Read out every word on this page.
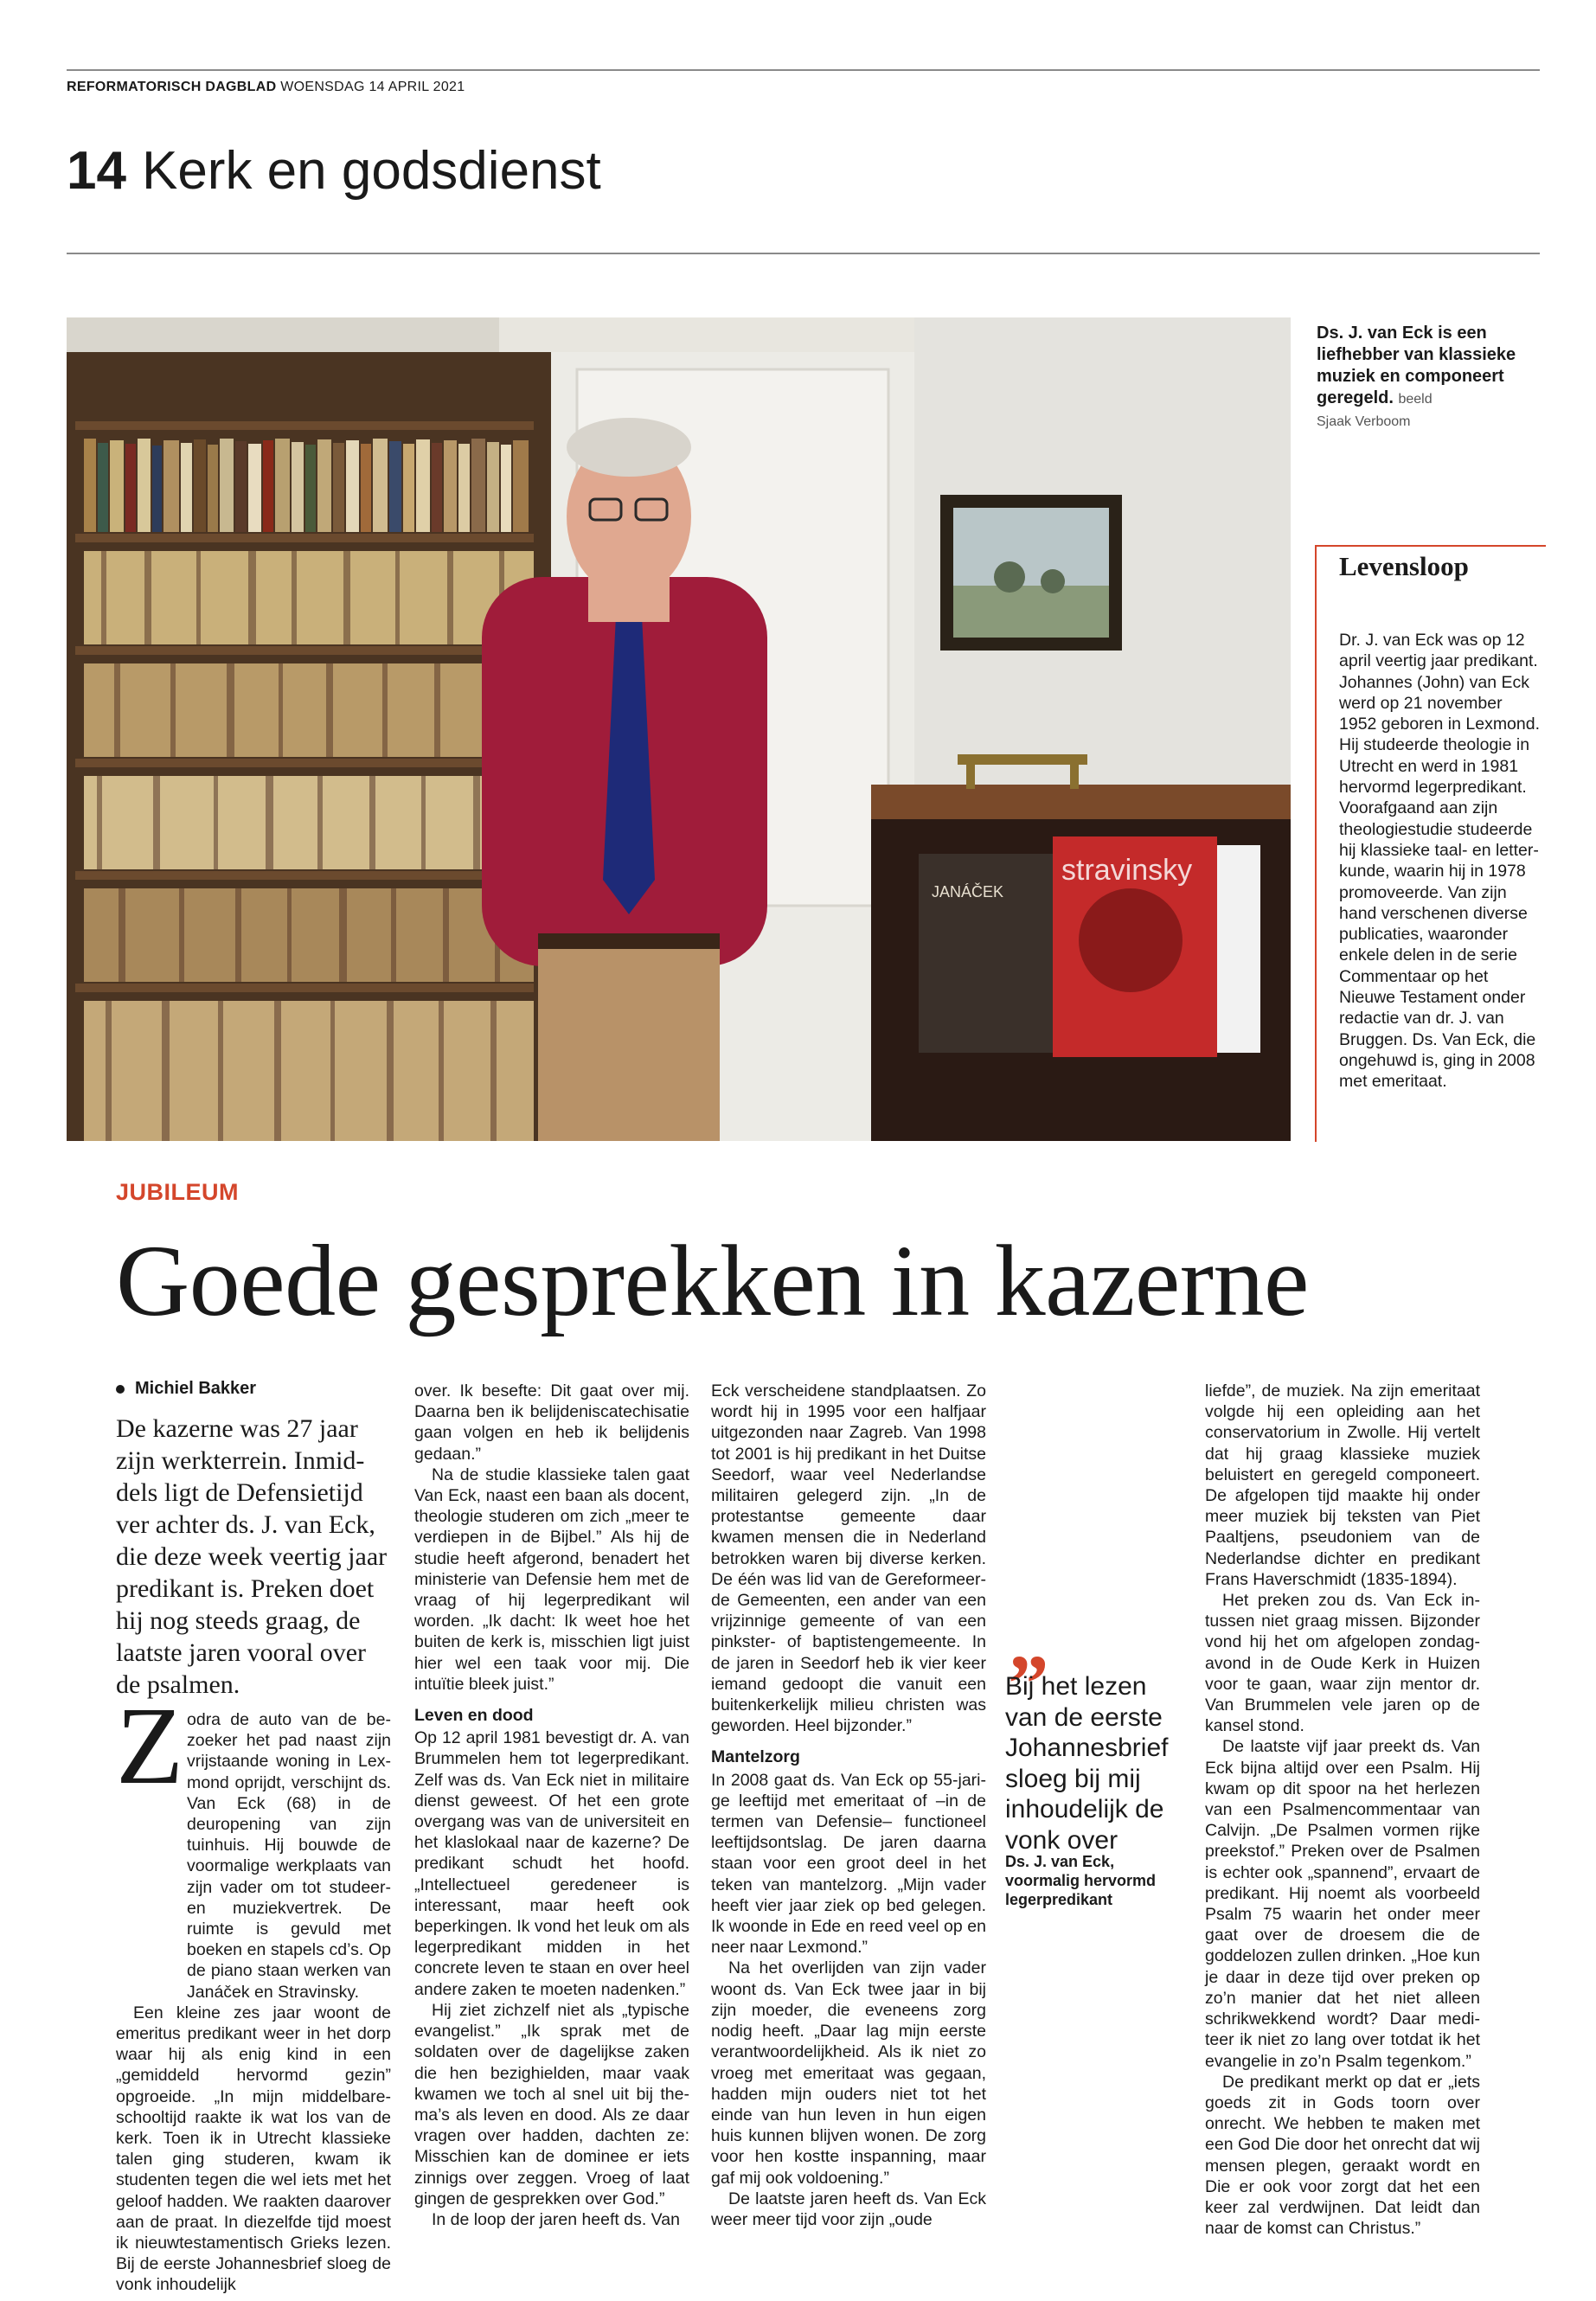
REFORMATORISCH DAGBLAD WOENSDAG 14 APRIL 2021
14 Kerk en godsdienst
JANÁČEK
stravinsky
Ds. J. van Eck is een liefhebber van klassieke muziek en componeert geregeld. beeld
Sjaak Verboom
Levensloop
Dr. J. van Eck was op 12 april veertig jaar predikant. Johannes (John) van Eck werd op 21 november 1952 geboren in Lexmond. Hij studeerde theologie in Utrecht en werd in 1981 hervormd legerpredikant. Voorafgaand aan zijn theologiestudie studeerde hij klassieke taal- en letterkunde, waarin hij in 1978 promoveerde. Van zijn hand verschenen diverse publicaties, waaronder enkele delen in de serie Commentaar op het Nieuwe Testament onder redactie van dr. J. van Bruggen. Ds. Van Eck, die ongehuwd is, ging in 2008 met emeritaat.
JUBILEUM
Goede gesprekken in kazerne
Michiel Bakker
De kazerne was 27 jaar zijn werkterrein. Inmiddels ligt de Defensietijd ver achter ds. J. van Eck, die deze week veertig jaar predikant is. Preken doet hij nog steeds graag, de laatste jaren vooral over de psalmen.
Z odra de auto van de bezoeker het pad naast zijn vrijstaande woning in Lexmond oprijdt, verschijnt ds. Van Eck (68) in de deuropening van zijn tuinhuis. Hij bouwde de voormalige werkplaats van zijn vader om tot studeer- en muziekvertrek. De ruimte is gevuld met boeken en stapels cd’s. Op de piano staan werken van Janáček en Stravinsky.

Een kleine zes jaar woont de emeritus predikant weer in het dorp waar hij als enig kind in een „gemiddeld hervormd gezin” opgroeide. „In mijn middelbareschooltijd raakte ik wat los van de kerk. Toen ik in Utrecht klassieke talen ging studeren, kwam ik studenten tegen die wel iets met het geloof hadden. We raakten daarover aan de praat. In diezelfde tijd moest ik nieuwtestamentisch Grieks lezen. Bij de eerste Johannesbrief sloeg de vonk inhoudelijk

over. Ik besefte: Dit gaat over mij. Daarna ben ik belijdeniscatechisatie gaan volgen en heb ik belijdenis gedaan.”

Na de studie klassieke talen gaat Van Eck, naast een baan als docent, theologie studeren om zich „meer te verdiepen in de Bijbel.” Als hij de studie heeft afgerond, benadert het ministerie van Defensie hem met de vraag of hij legerpredikant wil worden. „Ik dacht: Ik weet hoe het buiten de kerk is, misschien ligt juist hier wel een taak voor mij. Die intuïtie bleek juist.”

Leven en dood

Op 12 april 1981 bevestigt dr. A. van Brummelen hem tot legerpredikant. Zelf was ds. Van Eck niet in militaire dienst geweest. Of het een grote overgang was van de universiteit en het klaslokaal naar de kazerne? De predikant schudt het hoofd. „Intellectueel geredeneer is interessant, maar heeft ook beperkingen. Ik vond het leuk om als legerpredikant midden in het concrete leven te staan en over heel andere zaken te moeten nadenken.”

Hij ziet zichzelf niet als „typische evangelist.” „Ik sprak met de soldaten over de dagelijkse zaken die hen bezighielden, maar vaak kwamen we toch al snel uit bij thema’s als leven en dood. Als ze daar vragen over hadden, dachten ze: Misschien kan de dominee er iets zinnigs over zeggen. Vroeg of laat gingen de gesprekken over God.”

In de loop der jaren heeft ds. Van

Eck verscheidene standplaatsen. Zo wordt hij in 1995 voor een halfjaar uitgezonden naar Zagreb. Van 1998 tot 2001 is hij predikant in het Duitse Seedorf, waar veel Nederlandse militairen gelegerd zijn. „In de protestantse gemeente daar kwamen mensen die in Nederland betrokken waren bij diverse kerken. De één was lid van de Gereformeerde Gemeenten, een ander van een vrijzinnige gemeente of van een pinkster- of baptistengemeente. In de jaren in Seedorf heb ik vier keer iemand gedoopt die vanuit een buitenkerkelijk milieu christen was geworden. Heel bijzonder.”

Mantelzorg

In 2008 gaat ds. Van Eck op 55-jarige leeftijd met emeritaat of –in de termen van Defensie– functioneel leeftijdsontslag. De jaren daarna staan voor een groot deel in het teken van mantelzorg. „Mijn vader heeft vier jaar ziek op bed gelegen. Ik woonde in Ede en reed veel op en neer naar Lexmond.”

Na het overlijden van zijn vader woont ds. Van Eck twee jaar in bij zijn moeder, die eveneens zorg nodig heeft. „Daar lag mijn eerste verantwoordelijkheid. Als ik niet zo vroeg met emeritaat was gegaan, hadden mijn ouders niet tot het einde van hun leven in hun eigen huis kunnen blijven wonen. De zorg voor hen kostte inspanning, maar gaf mij ook voldoening.”

De laatste jaren heeft ds. Van Eck weer meer tijd voor zijn „oude

„
Bij het lezen van de eerste Johannesbrief sloeg bij mij inhoudelijk de vonk over
Ds. J. van Eck, voormalig hervormd legerpredikant

liefde”, de muziek. Na zijn emeritaat volgde hij een opleiding aan het conservatorium in Zwolle. Hij vertelt dat hij graag klassieke muziek beluistert en geregeld componeert. De afgelopen tijd maakte hij onder meer muziek bij teksten van Piet Paaltjens, pseudoniem van de Nederlandse dichter en predikant Frans Haverschmidt (1835-1894).

Het preken zou ds. Van Eck intussen niet graag missen. Bijzonder vond hij het om afgelopen zondagavond in de Oude Kerk in Huizen voor te gaan, waar zijn mentor dr. Van Brummelen vele jaren op de kansel stond.

De laatste vijf jaar preekt ds. Van Eck bijna altijd over een Psalm. Hij kwam op dit spoor na het herlezen van een Psalmencommentaar van Calvijn. „De Psalmen vormen rijke preekstof.” Preken over de Psalmen is echter ook „spannend”, ervaart de predikant. Hij noemt als voorbeeld Psalm 75 waarin het onder meer gaat over de droesem die de goddelozen zullen drinken. „Hoe kun je daar in deze tijd over preken op zo’n manier dat het niet alleen schrikwekkend wordt? Daar mediteer ik niet zo lang over totdat ik het evangelie in zo’n Psalm tegenkom.”

De predikant merkt op dat er „iets goeds zit in Gods toorn over onrecht. We hebben te maken met een God Die door het onrecht dat wij mensen plegen, geraakt wordt en Die er ook voor zorgt dat het een keer zal verdwijnen. Dat leidt dan naar de komst can Christus.”
